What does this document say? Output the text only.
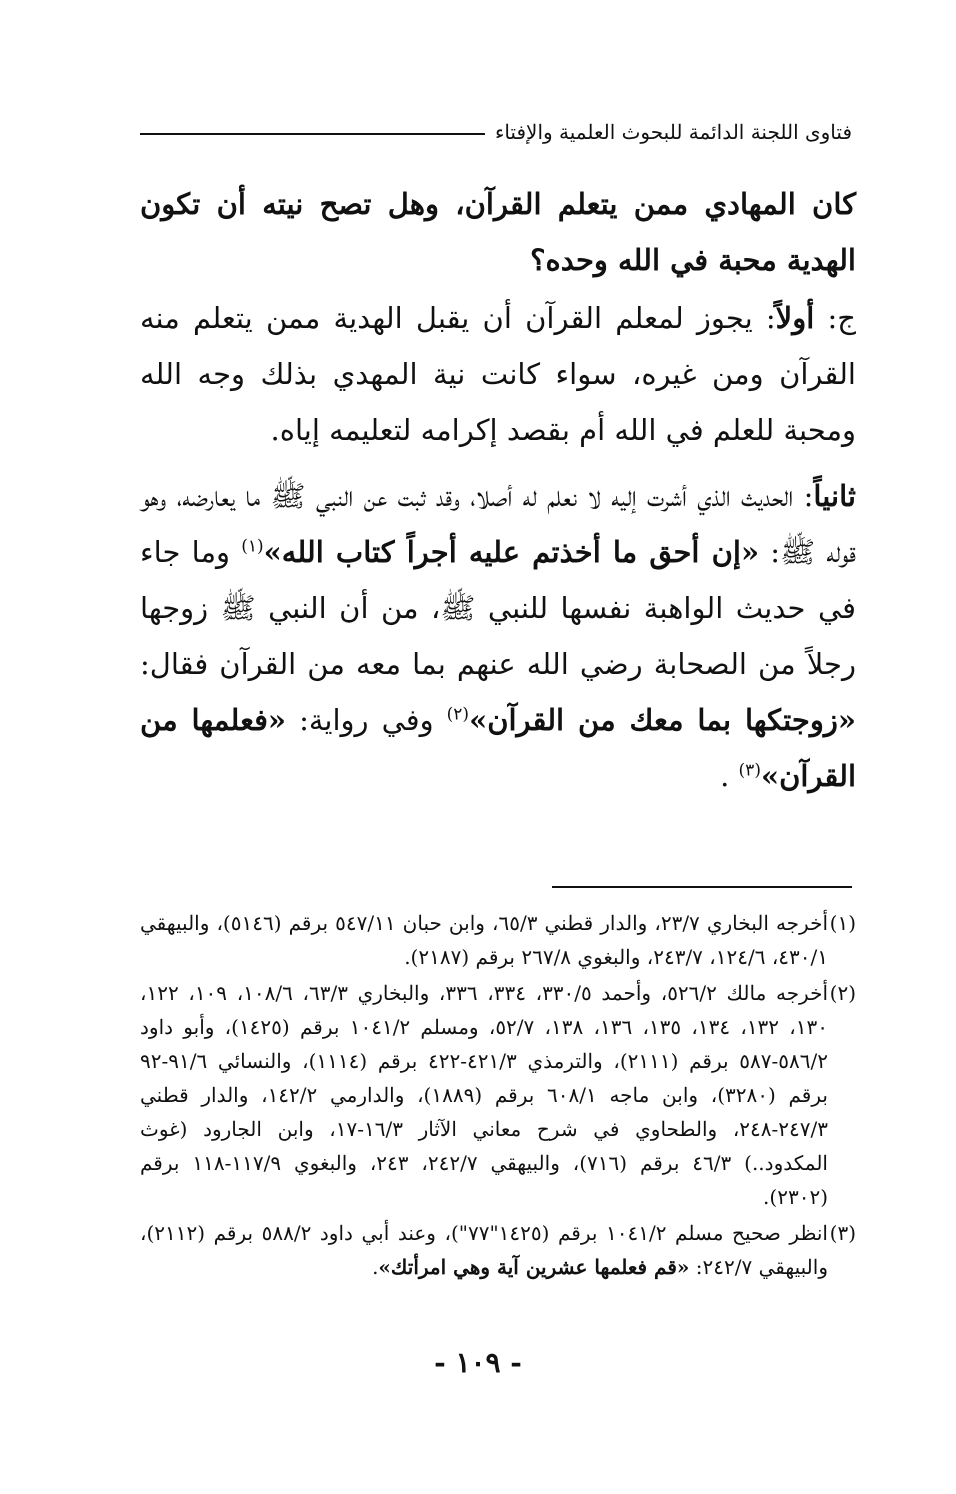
فتاوى اللجنة الدائمة للبحوث العلمية والإفتاء

كان المهادي ممن يتعلم القرآن، وهل تصح نيته أن تكون الهدية محبة في الله وحده؟

ج: أولاً: يجوز لمعلم القرآن أن يقبل الهدية ممن يتعلم منه القرآن ومن غيره، سواء كانت نية المهدي بذلك وجه الله ومحبة للعلم في الله أم بقصد إكرامه لتعليمه إياه.

ثانياً: الحديث الذي أشرت إليه لا نعلم له أصلا، وقد ثبت عن النبي ﷺ ما يعارضه، وهو قوله ﷺ: «إن أحق ما أخذتم عليه أجراً كتاب الله»$^{(١)}$ وما جاء في حديث الواهبة نفسها للنبي ﷺ، من أن النبي ﷺ زوجها رجلاً من الصحابة رضي الله عنهم بما معه من القرآن فقال: «زوجتكها بما معك من القرآن»$^{(٢)}$ وفي رواية: «فعلمها من القرآن»$^{(٣)}$ .

(١)أخرجه البخاري ٢٣/٧، والدار قطني ٦٥/٣، وابن حبان ٥٤٧/١١ برقم (٥١٤٦)، والبيهقي ٤٣٠/١، ١٢٤/٦، ٢٤٣/٧، والبغوي ٢٦٧/٨ برقم (٢١٨٧).

(٢)أخرجه مالك ٥٢٦/٢، وأحمد ٣٣٠/٥، ٣٣٤، ٣٣٦، والبخاري ٦٣/٣، ١٠٨/٦، ١٠٩، ١٢٢، ١٣٠، ١٣٢، ١٣٤، ١٣٥، ١٣٦، ١٣٨، ٥٢/٧، ومسلم ١٠٤١/٢ برقم (١٤٢٥)، وأبو داود ٥٨٦/٢-٥٨٧ برقم (٢١١١)، والترمذي ٤٢١/٣-٤٢٢ برقم (١١١٤)، والنسائي ٩١/٦-٩٢ برقم (٣٢٨٠)، وابن ماجه ٦٠٨/١ برقم (١٨٨٩)، والدارمي ١٤٢/٢، والدار قطني ٢٤٧/٣-٢٤٨، والطحاوي في شرح معاني الآثار ١٦/٣-١٧، وابن الجارود (غوث المكدود..) ٤٦/٣ برقم (٧١٦)، والبيهقي ٢٤٢/٧، ٢٤٣، والبغوي ١١٧/٩-١١٨ برقم (٢٣٠٢).

(٣)انظر صحيح مسلم ١٠٤١/٢ برقم (١٤٢٥"٧٧")، وعند أبي داود ٥٨٨/٢ برقم (٢١١٢)، والبيهقي ٢٤٢/٧: «قم فعلمها عشرين آية وهي امرأتك».

- ١٠٩ -
